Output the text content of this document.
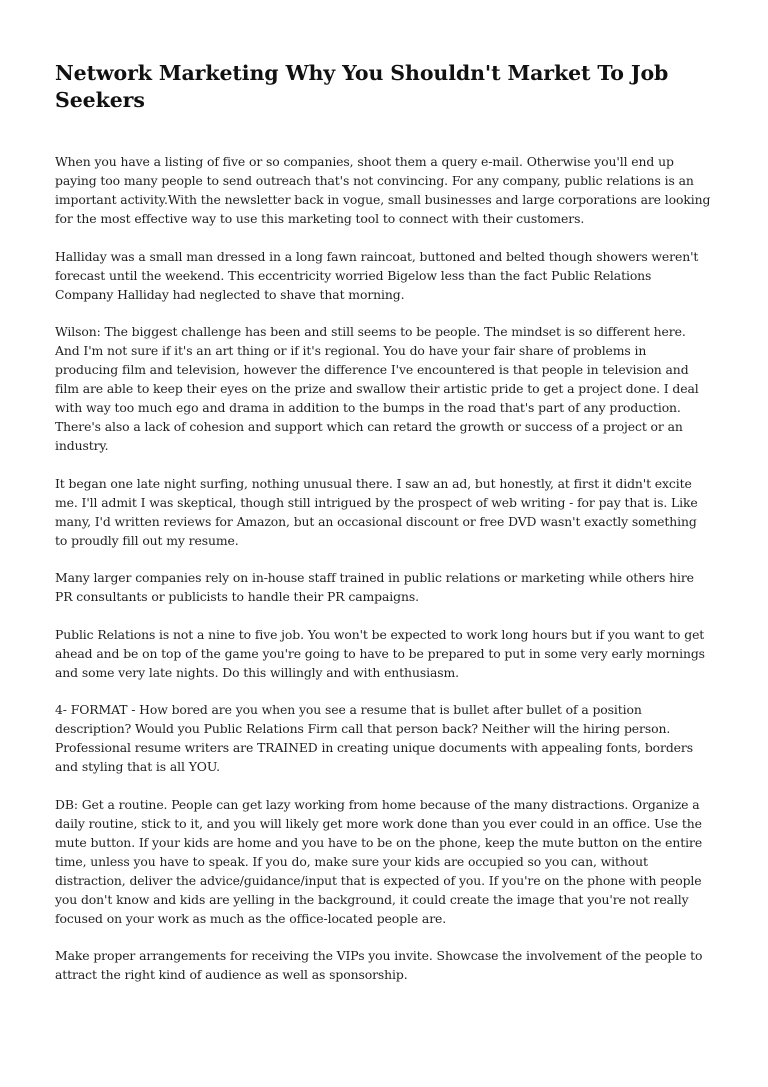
Network Marketing Why You Shouldn't Market To Job Seekers

When you have a listing of five or so companies, shoot them a query e-mail. Otherwise you'll end up paying too many people to send outreach that's not convincing. For any company, public relations is an important activity.With the newsletter back in vogue, small businesses and large corporations are looking for the most effective way to use this marketing tool to connect with their customers.

Halliday was a small man dressed in a long fawn raincoat, buttoned and belted though showers weren't forecast until the weekend. This eccentricity worried Bigelow less than the fact Public Relations Company Halliday had neglected to shave that morning.

Wilson: The biggest challenge has been and still seems to be people. The mindset is so different here. And I'm not sure if it's an art thing or if it's regional. You do have your fair share of problems in producing film and television, however the difference I've encountered is that people in television and film are able to keep their eyes on the prize and swallow their artistic pride to get a project done. I deal with way too much ego and drama in addition to the bumps in the road that's part of any production. There's also a lack of cohesion and support which can retard the growth or success of a project or an industry.

It began one late night surfing, nothing unusual there. I saw an ad, but honestly, at first it didn't excite me. I'll admit I was skeptical, though still intrigued by the prospect of web writing - for pay that is. Like many, I'd written reviews for Amazon, but an occasional discount or free DVD wasn't exactly something to proudly fill out my resume.

Many larger companies rely on in-house staff trained in public relations or marketing while others hire PR consultants or publicists to handle their PR campaigns.

Public Relations is not a nine to five job. You won't be expected to work long hours but if you want to get ahead and be on top of the game you're going to have to be prepared to put in some very early mornings and some very late nights. Do this willingly and with enthusiasm.

4- FORMAT - How bored are you when you see a resume that is bullet after bullet of a position description? Would you Public Relations Firm call that person back? Neither will the hiring person. Professional resume writers are TRAINED in creating unique documents with appealing fonts, borders and styling that is all YOU.

DB: Get a routine. People can get lazy working from home because of the many distractions. Organize a daily routine, stick to it, and you will likely get more work done than you ever could in an office. Use the mute button. If your kids are home and you have to be on the phone, keep the mute button on the entire time, unless you have to speak. If you do, make sure your kids are occupied so you can, without distraction, deliver the advice/guidance/input that is expected of you. If you're on the phone with people you don't know and kids are yelling in the background, it could create the image that you're not really focused on your work as much as the office-located people are.

Make proper arrangements for receiving the VIPs you invite. Showcase the involvement of the people to attract the right kind of audience as well as sponsorship.
